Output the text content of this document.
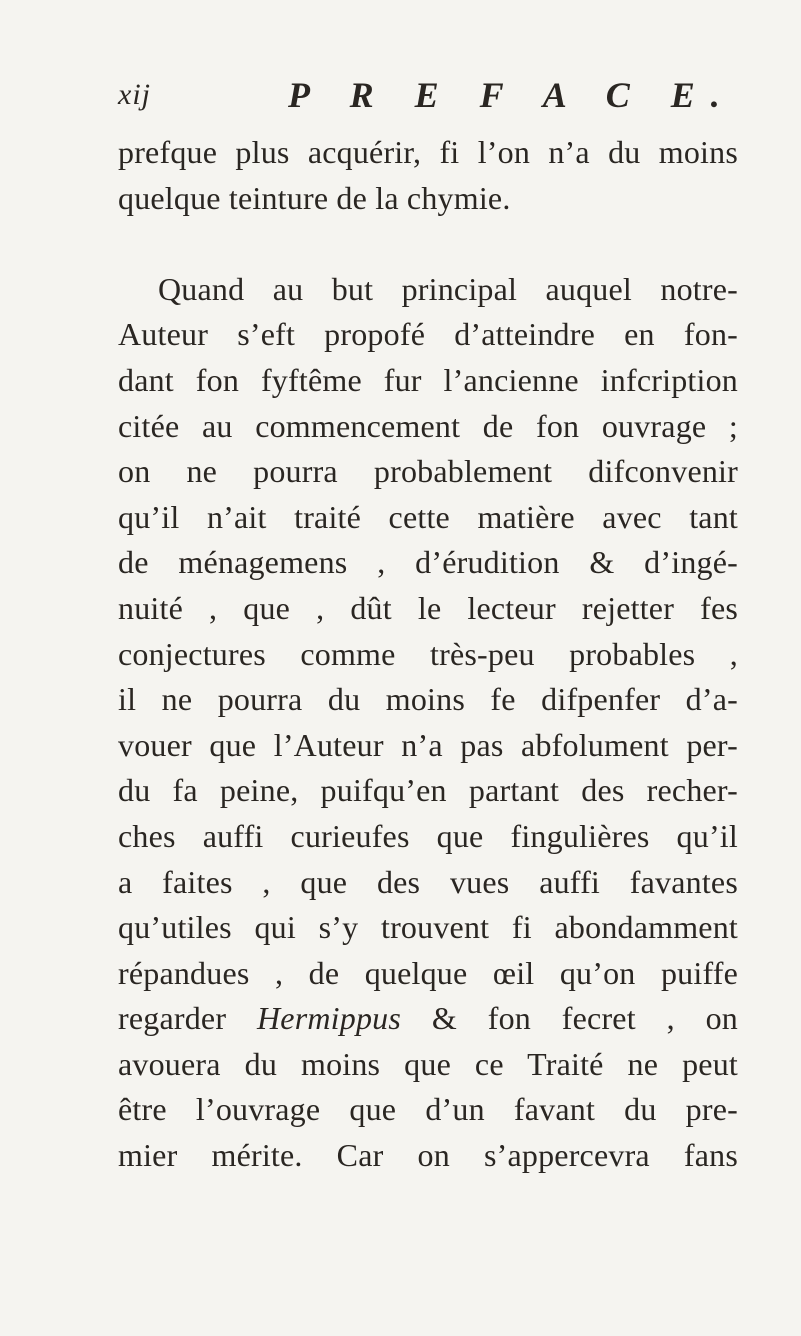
xij	P R E F A C E.
prefque plus acquérir, fi l’on n’a du moins
quelque teinture de la chymie.
Quand au but principal auquel notre-
Auteur s’eft propofé d’atteindre en fon-
dant fon fyftême fur l’ancienne infcription
citée au commencement de fon ouvrage ;
on ne pourra probablement difconvenir
qu’il n’ait traité cette matière avec tant
de ménagemens , d’érudition & d’ingé-
nuité , que , dût le lecteur rejetter fes
conjectures comme très-peu probables ,
il ne pourra du moins fe difpenfer d’a-
vouer que l’Auteur n’a pas abfolument per-
du fa peine, puifqu’en partant des recher-
ches auffi curieufes que fingulières qu’il
a faites , que des vues auffi favantes
qu’utiles qui s’y trouvent fi abondamment
répandues , de quelque œil qu’on puiffe
regarder Hermippus & fon fecret , on
avouera du moins que ce Traité ne peut
être l’ouvrage que d’un favant du pre-
mier mérite. Car on s’appercevra fans
